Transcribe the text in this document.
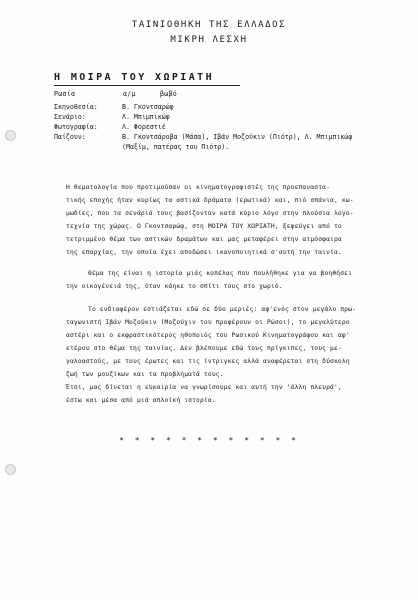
ΤΑΙΝΙΟΘΗΚΗ ΤΗΣ ΕΛΛΑΔΟΣ
ΜΙΚΡΗ ΛΕΣΧΗ
Η ΜΟΙΡΑ ΤΟΥ ΧΩΡΙΑΤΗ
Ρωσία	α/μ	βωβό
Σκηνοθεσία:	Β. Γκοντσαρώφ
Σενάριο:	Λ. Μπιμπικώφ
Φωτογραφία:	Λ. Φορεστιέ
Παίζουν:	Β. Γκοντσάροβα (Μάσα), Ιβάν Μοζούκιν (Πιότρ), Λ. Μπιμπικώφ
(Μαξίμ, πατέρας του Πιότρ).
Η θεματολογία που προτιμούσαν οι κινηματογραφιστές της προεπαναστα-
τικής εποχής ήταν κυρίως τα αστικά δράματα (ερωτικά) και, πιό σπάνια, κω-
μωδίες, που τα σενάριά τους βασίζονταν κατά κύριο λόγο στην πλούσια λογο-
τεχνία της χώρας. Ο Γκοντσαρώφ, στη ΜΟΙΡΑ ΤΟΥ ΧΩΡΙΑΤΗ, ξεφεύγει από το
τετριμμένο θέμα των αστικών δραμάτων και μας μεταφέρει στην ατμόσφαιρα
της επαρχίας, την οποία έχει αποδώσει ικανοποιητικά σ'αυτή την ταινία.
Θέμα της είναι η ιστορία μιάς κοπέλας που πουλήθηκε για να βοηθήσει
την οικογένειά της, όταν κάηκε το σπίτι τους στο χωριό.
Το ενδιαφέρον εστιάζεται εδώ σε δύο μεριές: αφ'ενός στον μεγάλο πρω-
ταγωνιστή Ιβάν Μοζούκιν (Μοζούχιν του προφέρουν οι Ρώσοι), το μεγαλύτερο
αστέρι και ο εκφραστικότερος ηθοποιός του Ρωσικού Κινηματογράφου και αφ'
ετέρου στο θέμα της ταινίας. Δεν βλέπουμε εδώ τους πρίγκιπες, τους με-
γαλοαστούς, με τους έρωτες και τις ίντριγκες αλλά αναφέρεται στη δύσκολη
ζωή των μουζίκων και τα προβλήματά τους.
Έτσι, μας δίνεται η ευκαιρία να γνωρίσουμε και αυτή την 'άλλη πλευρά',
έστω και μέσα από μιά απλοϊκή ιστορία.
* * * * * * * * * * * *
